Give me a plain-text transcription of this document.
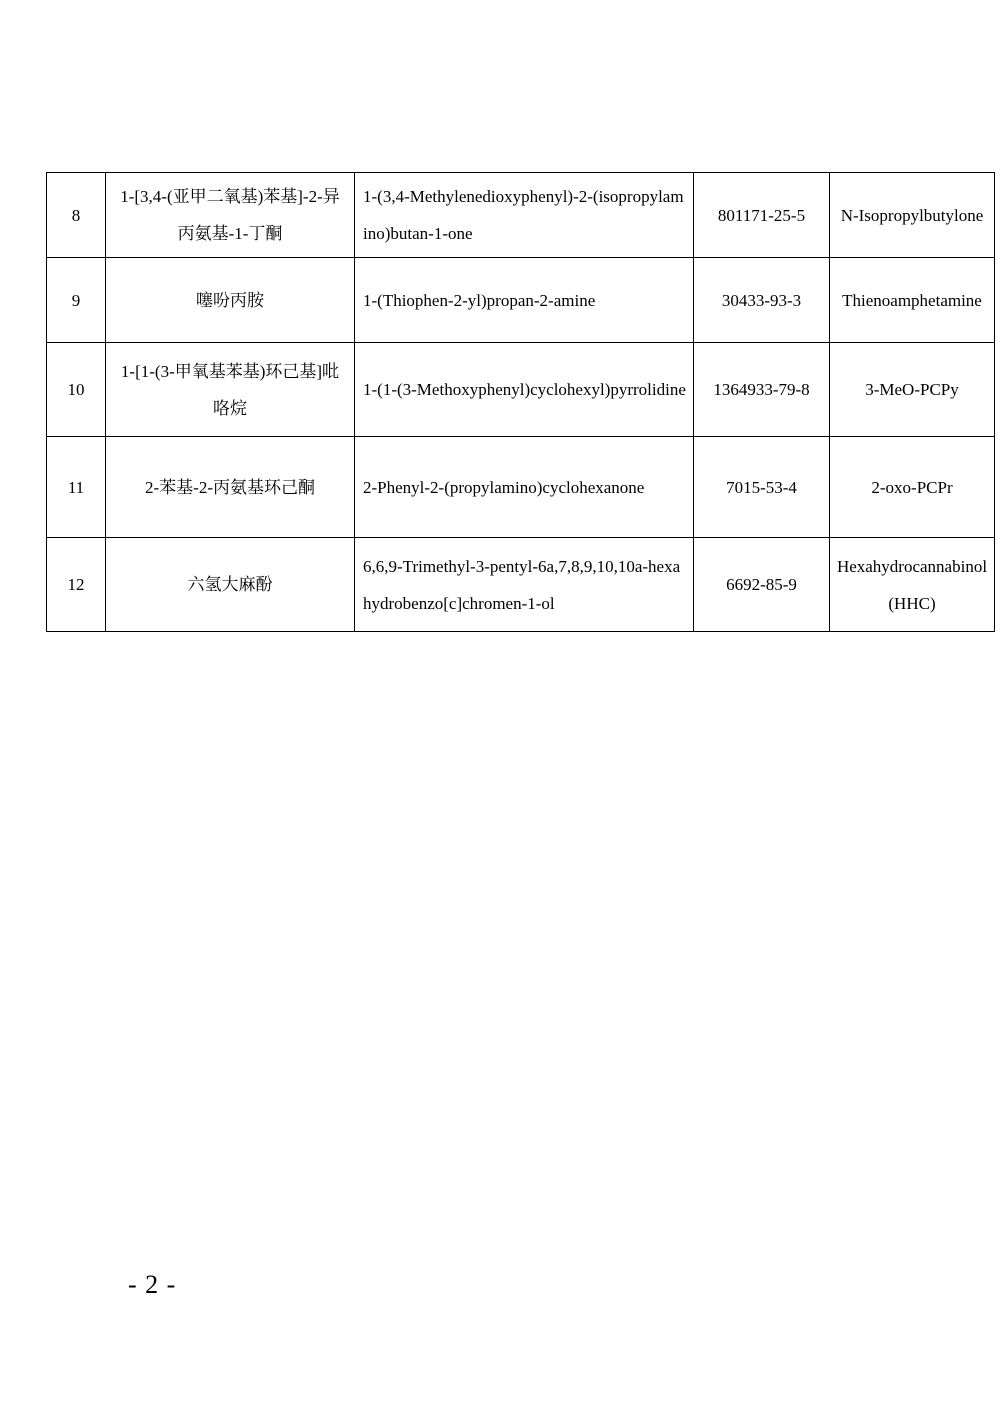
8	1-[3,4-(亚甲二氧基)苯基]-2-异丙氨基-1-丁酮	1-(3,4-Methylenedioxyphenyl)-2-(isopropylamino)butan-1-one	801171-25-5	N-Isopropylbutylone
9	噻吩丙胺	1-(Thiophen-2-yl)propan-2-amine	30433-93-3	Thienoamphetamine
10	1-[1-(3-甲氧基苯基)环己基]吡咯烷	1-(1-(3-Methoxyphenyl)cyclohexyl)pyrrolidine	1364933-79-8	3-MeO-PCPy
11	2-苯基-2-丙氨基环己酮	2-Phenyl-2-(propylamino)cyclohexanone	7015-53-4	2-oxo-PCPr
12	六氢大麻酚	6,6,9-Trimethyl-3-pentyl-6a,7,8,9,10,10a-hexahydrobenzo[c]chromen-1-ol	6692-85-9	Hexahydrocannabinol (HHC)
- 2 -
